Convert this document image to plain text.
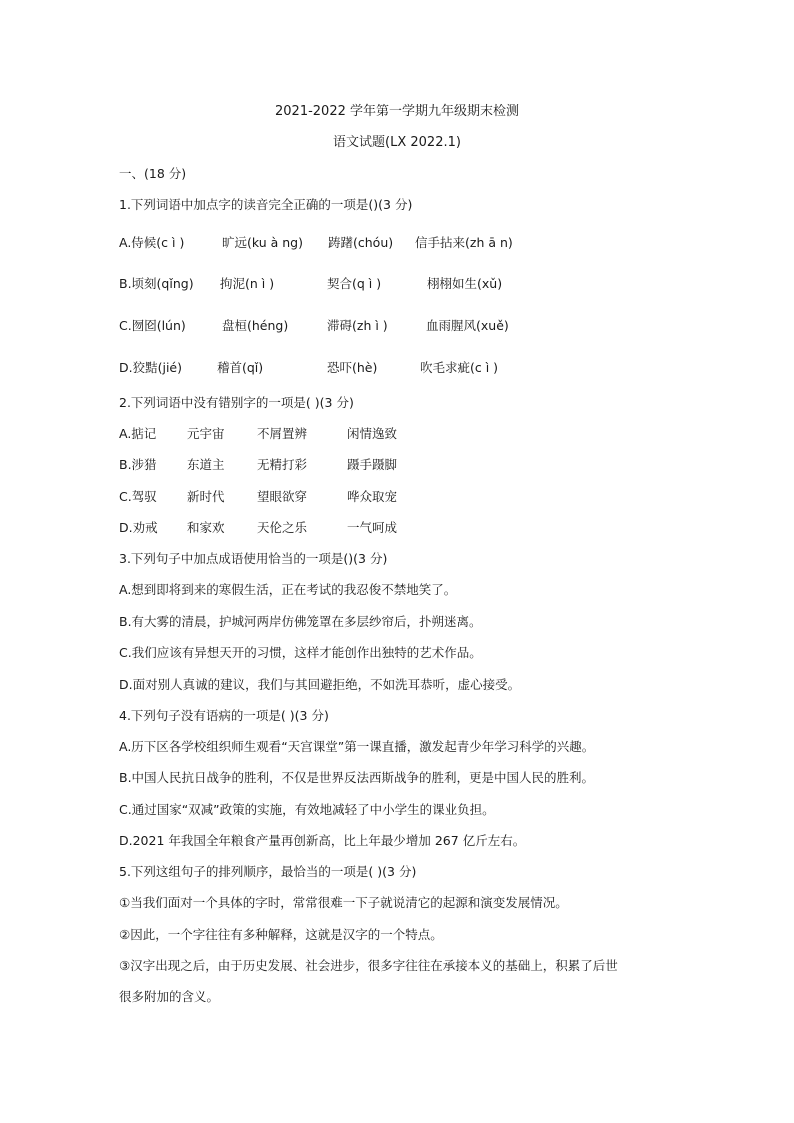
2021-2022 学年第一学期九年级期末检测
语文试题(LX 2022.1)
一、(18 分)
1.下列词语中加点字的读音完全正确的一项是()(3 分)
A.侍候(c ì )	旷远(ku à ng) 踌躇(chóu) 信手拈来(zh ā n)
B.顷刻(qǐng) 拘泥(n ì )	契合(q ì )	栩栩如生(xǔ)
C.囫囵(lún)	盘桓(héng)	滞碍(zh ì )	血雨腥风(xuě)
D.狡黠(jié)	稽首(qǐ)	恐吓(hè)	吹毛求疵(c ì )
2.下列词语中没有错别字的一项是( )(3 分)
A.掂记 元宇宙	不屑置辨	闲情逸致
B.涉猎 东道主	无精打彩	蹑手蹑脚
C.驾驭 新时代	望眼欲穿	哗众取宠
D.劝戒 和家欢	天伦之乐	一气呵成
3.下列句子中加点成语使用恰当的一项是()(3 分)
A.想到即将到来的寒假生活，正在考试的我忍俊不禁地笑了。
B.有大雾的清晨，护城河两岸仿佛笼罩在多层纱帘后，扑朔迷离。
C.我们应该有异想天开的习惯，这样才能创作出独特的艺术作品。
D.面对别人真诚的建议，我们与其回避拒绝，不如洗耳恭听，虚心接受。
4.下列句子没有语病的一项是( )(3 分)
A.历下区各学校组织师生观看“天宫课堂”第一课直播，激发起青少年学习科学的兴趣。
B.中国人民抗日战争的胜利，不仅是世界反法西斯战争的胜利，更是中国人民的胜利。
C.通过国家“双减”政策的实施，有效地减轻了中小学生的课业负担。
D.2021 年我国全年粮食产量再创新高，比上年最少增加 267 亿斤左右。
5.下列这组句子的排列顺序，最恰当的一项是( )(3 分)
①当我们面对一个具体的字时，常常很难一下子就说清它的起源和演变发展情况。
②因此，一个字往往有多种解释，这就是汉字的一个特点。
③汉字出现之后，由于历史发展、社会进步，很多字往往在承接本义的基础上，积累了后世
很多附加的含义。
